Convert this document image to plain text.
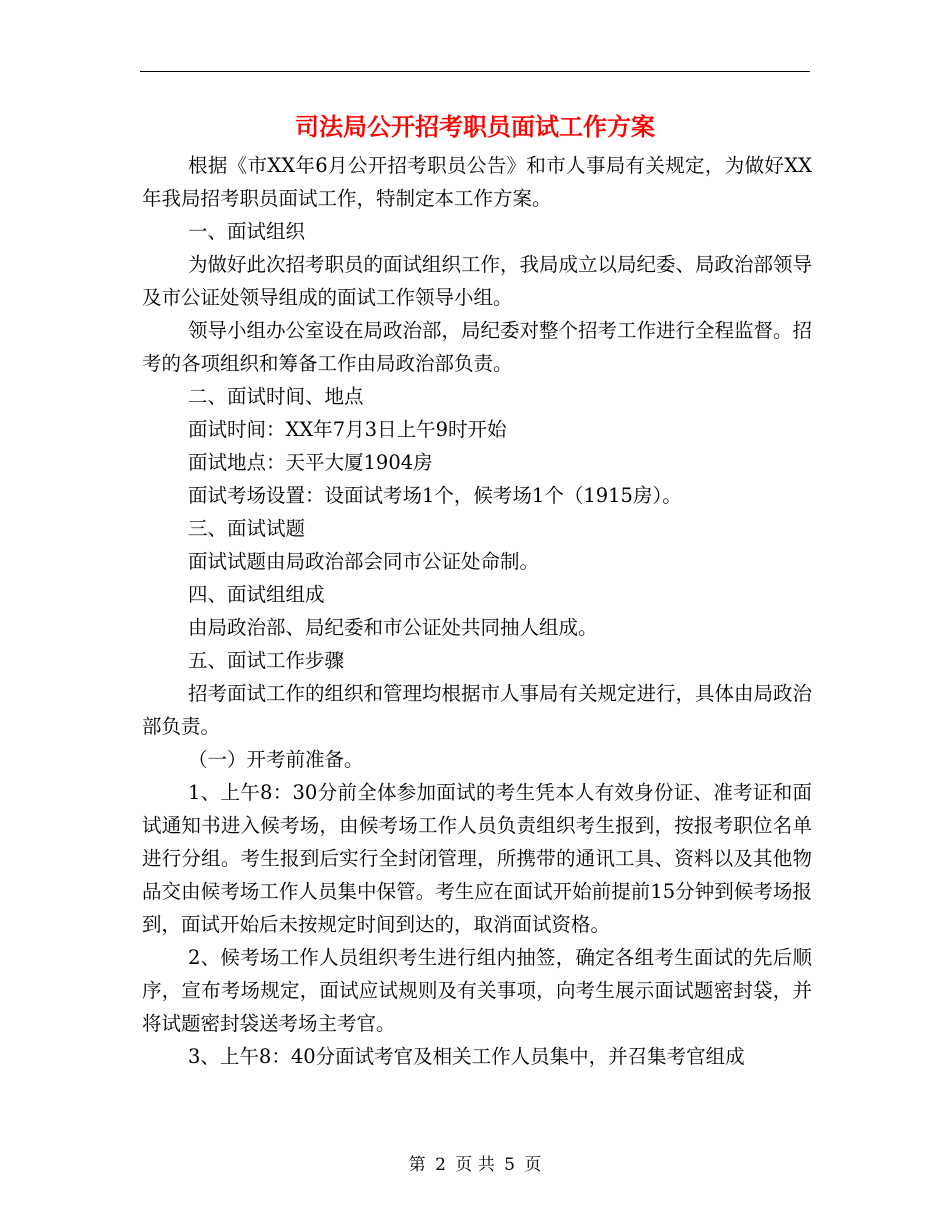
司法局公开招考职员面试工作方案

根据《市XX年6月公开招考职员公告》和市人事局有关规定，为做好XX年我局招考职员面试工作，特制定本工作方案。

一、面试组织

为做好此次招考职员的面试组织工作，我局成立以局纪委、局政治部领导及市公证处领导组成的面试工作领导小组。

领导小组办公室设在局政治部，局纪委对整个招考工作进行全程监督。招考的各项组织和筹备工作由局政治部负责。

二、面试时间、地点

面试时间：XX年7月3日上午9时开始

面试地点：天平大厦1904房

面试考场设置：设面试考场1个，候考场1个（1915房）。

三、面试试题

面试试题由局政治部会同市公证处命制。

四、面试组组成

由局政治部、局纪委和市公证处共同抽人组成。

五、面试工作步骤

招考面试工作的组织和管理均根据市人事局有关规定进行，具体由局政治部负责。

（一）开考前准备。

1、上午8：30分前全体参加面试的考生凭本人有效身份证、准考证和面试通知书进入候考场，由候考场工作人员负责组织考生报到，按报考职位名单进行分组。考生报到后实行全封闭管理，所携带的通讯工具、资料以及其他物品交由候考场工作人员集中保管。考生应在面试开始前提前15分钟到候考场报到，面试开始后未按规定时间到达的，取消面试资格。

2、候考场工作人员组织考生进行组内抽签，确定各组考生面试的先后顺序，宣布考场规定，面试应试规则及有关事项，向考生展示面试题密封袋，并将试题密封袋送考场主考官。

3、上午8：40分面试考官及相关工作人员集中，并召集考官组成

第 2 页 共 5 页
